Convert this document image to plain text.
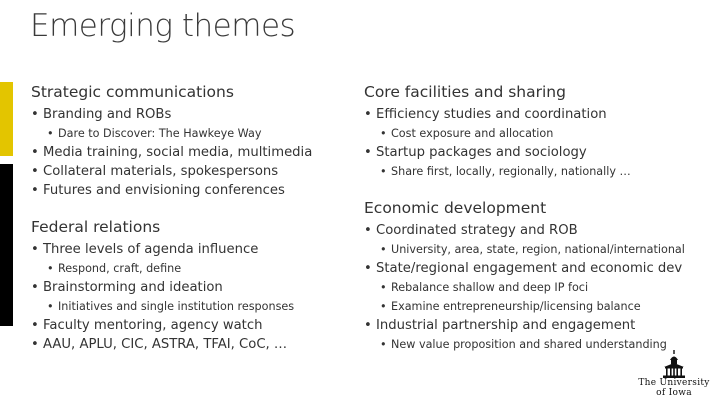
Emerging themes
Strategic communications
• Branding and ROBs
• Dare to Discover: The Hawkeye Way
• Media training, social media, multimedia
• Collateral materials, spokespersons
• Futures and envisioning conferences
Federal relations
• Three levels of agenda influence
• Respond, craft, define
• Brainstorming and ideation
• Initiatives and single institution responses
• Faculty mentoring, agency watch
• AAU, APLU, CIC, ASTRA, TFAI, CoC, …
Core facilities and sharing
• Efficiency studies and coordination
• Cost exposure and allocation
• Startup packages and sociology
• Share first, locally, regionally, nationally …
Economic development
• Coordinated strategy and ROB
• University, area, state, region, national/international
• State/regional engagement and economic dev
• Rebalance shallow and deep IP foci
• Examine entrepreneurship/licensing balance
• Industrial partnership and engagement
• New value proposition and shared understanding
The University
of Iowa
